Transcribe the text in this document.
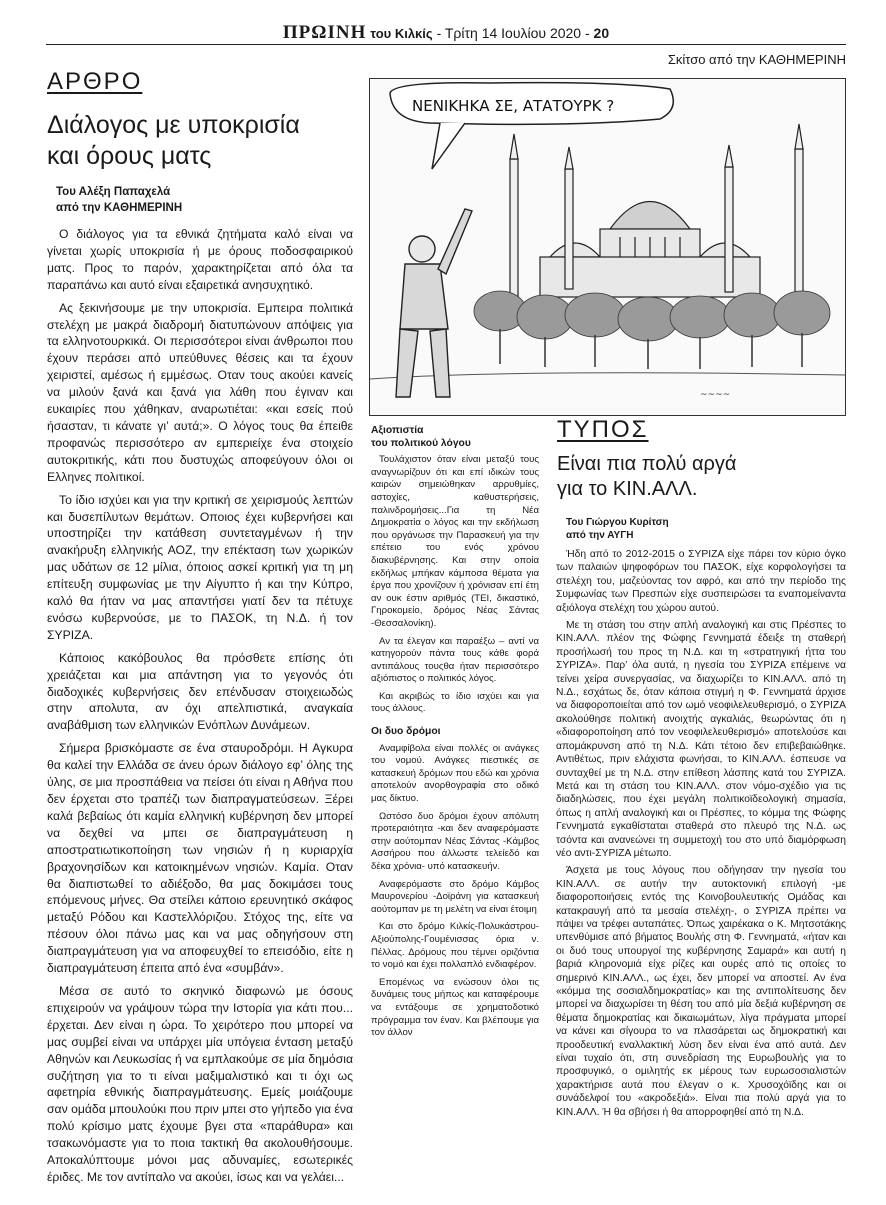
ΠΡΩΙΝΗ του Κιλκίς - Τρίτη 14 Ιουλίου 2020 - 20
Σκίτσο από την ΚΑΘΗΜΕΡΙΝΗ
ΑΡΘΡΟ
Διάλογος με υποκρισία
και όρους ματς
Του Αλέξη Παπαχελά
από την ΚΑΘΗΜΕΡΙΝΗ

Ο διάλογος για τα εθνικά ζητήματα καλό είναι να γίνεται χωρίς υποκρισία ή με όρους ποδοσφαιρικού ματς. Προς το παρόν, χαρακτηρίζεται από όλα τα παραπάνω και αυτό είναι εξαιρετικά ανησυχητικό.

Ας ξεκινήσουμε με την υποκρισία. Εμπειρα πολιτικά στελέχη με μακρά διαδρομή διατυπώνουν απόψεις για τα ελληνοτουρκικά. Οι περισσότεροι είναι άνθρωποι που έχουν περάσει από υπεύθυνες θέσεις και τα έχουν χειριστεί, αμέσως ή εμμέσως. Οταν τους ακούει κανείς να μιλούν ξανά και ξανά για λάθη που έγιναν και ευκαιρίες που χάθηκαν, αναρωτιέται: «και εσείς πού ήσασταν, τι κάνατε γι’ αυτά;». Ο λόγος τους θα έπειθε προφανώς περισσότερο αν εμπεριείχε ένα στοιχείο αυτοκριτικής, κάτι που δυστυχώς αποφεύγουν όλοι οι Ελληνες πολιτικοί.

Το ίδιο ισχύει και για την κριτική σε χειρισμούς λεπτών και δυσεπίλυτων θεμάτων. Οποιος έχει κυβερνήσει και υποστηρίζει την κατάθεση συντεταγμένων ή την ανακήρυξη ελληνικής ΑΟΖ, την επέκταση των χωρικών μας υδάτων σε 12 μίλια, όποιος ασκεί κριτική για τη μη επίτευξη συμφωνίας με την Αίγυπτο ή και την Κύπρο, καλό θα ήταν να μας απαντήσει γιατί δεν τα πέτυχε ενόσω κυβερνούσε, με το ΠΑΣΟΚ, τη Ν.Δ. ή τον ΣΥΡΙΖΑ.

Κάποιος κακόβουλος θα πρόσθετε επίσης ότι χρειάζεται και μια απάντηση για το γεγονός ότι διαδοχικές κυβερνήσεις δεν επένδυσαν στοιχειωδώς στην απολυτα, αν όχι απελπιστικά, αναγκαία αναβάθμιση των ελληνικών Ενόπλων Δυνάμεων.

Σήμερα βρισκόμαστε σε ένα σταυροδρόμι. Η Αγκυρα θα καλεί την Ελλάδα σε άνευ όρων διάλογο εφ’ όλης της ύλης, σε μια προσπάθεια να πείσει ότι είναι η Αθήνα που δεν έρχεται στο τραπέζι των διαπραγματεύσεων. Ξέρει καλά βεβαίως ότι καμία ελληνική κυβέρνηση δεν μπορεί να δεχθεί να μπει σε διαπραγμάτευση η αποστρατιωτικοποίηση των νησιών ή η κυριαρχία βραχονησίδων και κατοικημένων νησιών. Καμία. Οταν θα διαπιστωθεί το αδιέξοδο, θα μας δοκιμάσει τους επόμενους μήνες. Θα στείλει κάποιο ερευνητικό σκάφος μεταξύ Ρόδου και Καστελλόριζου. Στόχος της, είτε να πέσουν όλοι πάνω μας και να μας οδηγήσουν στη διαπραγμάτευση για να αποφευχθεί το επεισόδιο, είτε η διαπραγμάτευση έπειτα από ένα «συμβάν».

Μέσα σε αυτό το σκηνικό διαφωνώ με όσους επιχειρούν να γράψουν τώρα την Ιστορία για κάτι που... έρχεται. Δεν είναι η ώρα. Το χειρότερο που μπορεί να μας συμβεί είναι να υπάρχει μία υπόγεια ένταση μεταξύ Αθηνών και Λευκωσίας ή να εμπλακούμε σε μία δημόσια συζήτηση για το τι είναι μαξιμαλιστικό και τι όχι ως αφετηρία εθνικής διαπραγμάτευσης. Εμείς μοιάζουμε σαν ομάδα μπουλούκι που πριν μπει στο γήπεδο για ένα πολύ κρίσιμο ματς έχουμε βγει στα «παράθυρα» και τσακωνόμαστε για το ποια τακτική θα ακολουθήσουμε. Αποκαλύπτουμε μόνοι μας αδυναμίες, εσωτερικές έριδες. Με τον αντίπαλο να ακούει, ίσως και να γελάει...

ΝΕΝΙΚΗΚΑ ΣΕ, ΑΤΑΤΟΥΡΚ ?
~~~~
Αξιοπιστία
του πολιτικού λόγου

Τουλάχιστον όταν είναι μεταξύ τους αναγνωρίζουν ότι και επί ιδικών τους καιρών σημειώθηκαν αρρυθμίες, αστοχίες, καθυστερήσεις, παλινδρομήσεις...Για τη Νέα Δημοκρατία ο λόγος και την εκδήλωση που οργάνωσε την Παρασκευή για την επέτειο του ενός χρόνου διακυβέρνησης. Και στην οποία εκδήλως μπήκαν κάμποσα θέματα για έργα που χρονίζουν ή χρόνισαν επί έτη αν ουκ έστιν αριθμός (ΤΕΙ, δικαστικό, Γηροκομείο, δρόμος Νέας Σάντας -Θεσσαλονίκη).

Αν τα έλεγαν και παραέξω – αντί να κατηγορούν πάντα τους κάθε φορά αντιπάλους τουςθα ήταν περισσότερο αξιόπιστος ο πολιτικός λόγος.

Και ακριβώς το ίδιο ισχύει και για τους άλλους.

Οι δυο δρόμοι

Αναμφίβολα είναι πολλές οι ανάγκες του νομού. Ανάγκες πιεστικές σε κατασκευή δρόμων που εδώ και χρόνια αποτελούν ανορθογραφία στο οδικό μας δίκτυο.

Ωστόσο δυο δρόμοι έχουν απόλυτη προτεραιότητα -και δεν αναφερόμαστε στην αούτομπαν Νέας Σάντας -Κάμβος Ασσήρου που άλλωστε τελείεδό και δέκα χρόνια- υπό κατασκευήν.

Αναφερόμαστε στο δρόμο Κάμβος Μαυρονερίου -Δοϊράνη για κατασκευή αούτομπαν με τη μελέτη να είναι έτοιμη

Και στο δρόμο Κιλκίς-Πολυκάστρου-Αξιούπολης-Γουμένισσας όρια ν. Πέλλας. Δρόμους που τέμνει οριζόντια το νομό και έχει πολλαπλό ενδιαφέρον.

Επομένως να ενώσουν όλοι τις δυνάμεις τους μήπως και καταφέρουμε να εντάξουμε σε χρηματοδοτικό πρόγραμμα τον έναν. Και βλέπουμε για τον άλλον

ΤΥΠΟΣ
Είναι πια πολύ αργά
για το ΚΙΝ.ΑΛΛ.
Του Γιώργου Κυρίτση
από την ΑΥΓΗ

Ήδη από το 2012-2015 ο ΣΥΡΙΖΑ είχε πάρει τον κύριο όγκο των παλαιών ψηφοφόρων του ΠΑΣΟΚ, είχε κορφολογήσει τα στελέχη του, μαζεύοντας τον αφρό, και από την περίοδο της Συμφωνίας των Πρεσπών είχε συσπειρώσει τα εναπομείναντα αξιόλογα στελέχη του χώρου αυτού.

Με τη στάση του στην απλή αναλογική και στις Πρέσπες το ΚΙΝ.ΑΛΛ. πλέον της Φώφης Γεννηματά έδειξε τη σταθερή προσήλωσή του προς τη Ν.Δ. και τη «στρατηγική ήττα του ΣΥΡΙΖΑ». Παρ’ όλα αυτά, η ηγεσία του ΣΥΡΙΖΑ επέμεινε να τείνει χείρα συνεργασίας, να διαχωρίζει το ΚΙΝ.ΑΛΛ. από τη Ν.Δ., εσχάτως δε, όταν κάποια στιγμή η Φ. Γεννηματά άρχισε να διαφοροποιείται από τον ωμό νεοφιλελευθερισμό, ο ΣΥΡΙΖΑ ακολούθησε πολιτική ανοιχτής αγκαλιάς, θεωρώντας ότι η «διαφοροποίηση από τον νεοφιλελευθερισμό» αποτελούσε και απομάκρυνση από τη Ν.Δ. Κάτι τέτοιο δεν επιβεβαιώθηκε. Αντιθέτως, πριν ελάχιστα φωνήσαι, το ΚΙΝ.ΑΛΛ. έσπευσε να συνταχθεί με τη Ν.Δ. στην επίθεση λάσπης κατά του ΣΥΡΙΖΑ. Μετά και τη στάση του ΚΙΝ.ΑΛΛ. στον νόμο-σχέδιο για τις διαδηλώσεις, που έχει μεγάλη πολιτικοϊδεολογική σημασία, όπως η απλή αναλογική και οι Πρέσπες, το κόμμα της Φώφης Γεννηματά εγκαθίσταται σταθερά στο πλευρό της Ν.Δ. ως τσόντα και ανανεώνει τη συμμετοχή του στο υπό διαμόρφωση νέο αντι-ΣΥΡΙΖΑ μέτωπο.

Άσχετα με τους λόγους που οδήγησαν την ηγεσία του ΚΙΝ.ΑΛΛ. σε αυτήν την αυτοκτονική επιλογή -με διαφοροποιήσεις εντός της Κοινοβουλευτικής Ομάδας και κατακραυγή από τα μεσαία στελέχη-, ο ΣΥΡΙΖΑ πρέπει να πάψει να τρέφει αυταπάτες. Όπως χαιρέκακα ο Κ. Μητσοτάκης υπενθύμισε από βήματος Βουλής στη Φ. Γεννηματά, «ήταν και οι δυό τους υπουργοί της κυβέρνησης Σαμαρά» και αυτή η βαριά κληρονομιά είχε ρίζες και ουρές από τις οποίες το σημερινό ΚΙΝ.ΑΛΛ., ως έχει, δεν μπορεί να αποστεί. Αν ένα «κόμμα της σοσιαλδημοκρατίας» και της αντιπολίτευσης δεν μπορεί να διαχωρίσει τη θέση του από μία δεξιά κυβέρνηση σε θέματα δημοκρατίας και δικαιωμάτων, λίγα πράγματα μπορεί να κάνει και σίγουρα το να πλασάρεται ως δημοκρατική και προοδευτική εναλλακτική λύση δεν είναι ένα από αυτά. Δεν είναι τυχαίο ότι, στη συνεδρίαση της Ευρωβουλής για το προσφυγικό, ο ομιλητής εκ μέρους των ευρωσοσιαλιστών χαρακτήρισε αυτά που έλεγαν ο κ. Χρυσοχόϊδης και οι συνάδελφοί του «ακροδεξιά». Είναι πια πολύ αργά για το ΚΙΝ.ΑΛΛ. Ή θα σβήσει ή θα απορροφηθεί από τη Ν.Δ.
